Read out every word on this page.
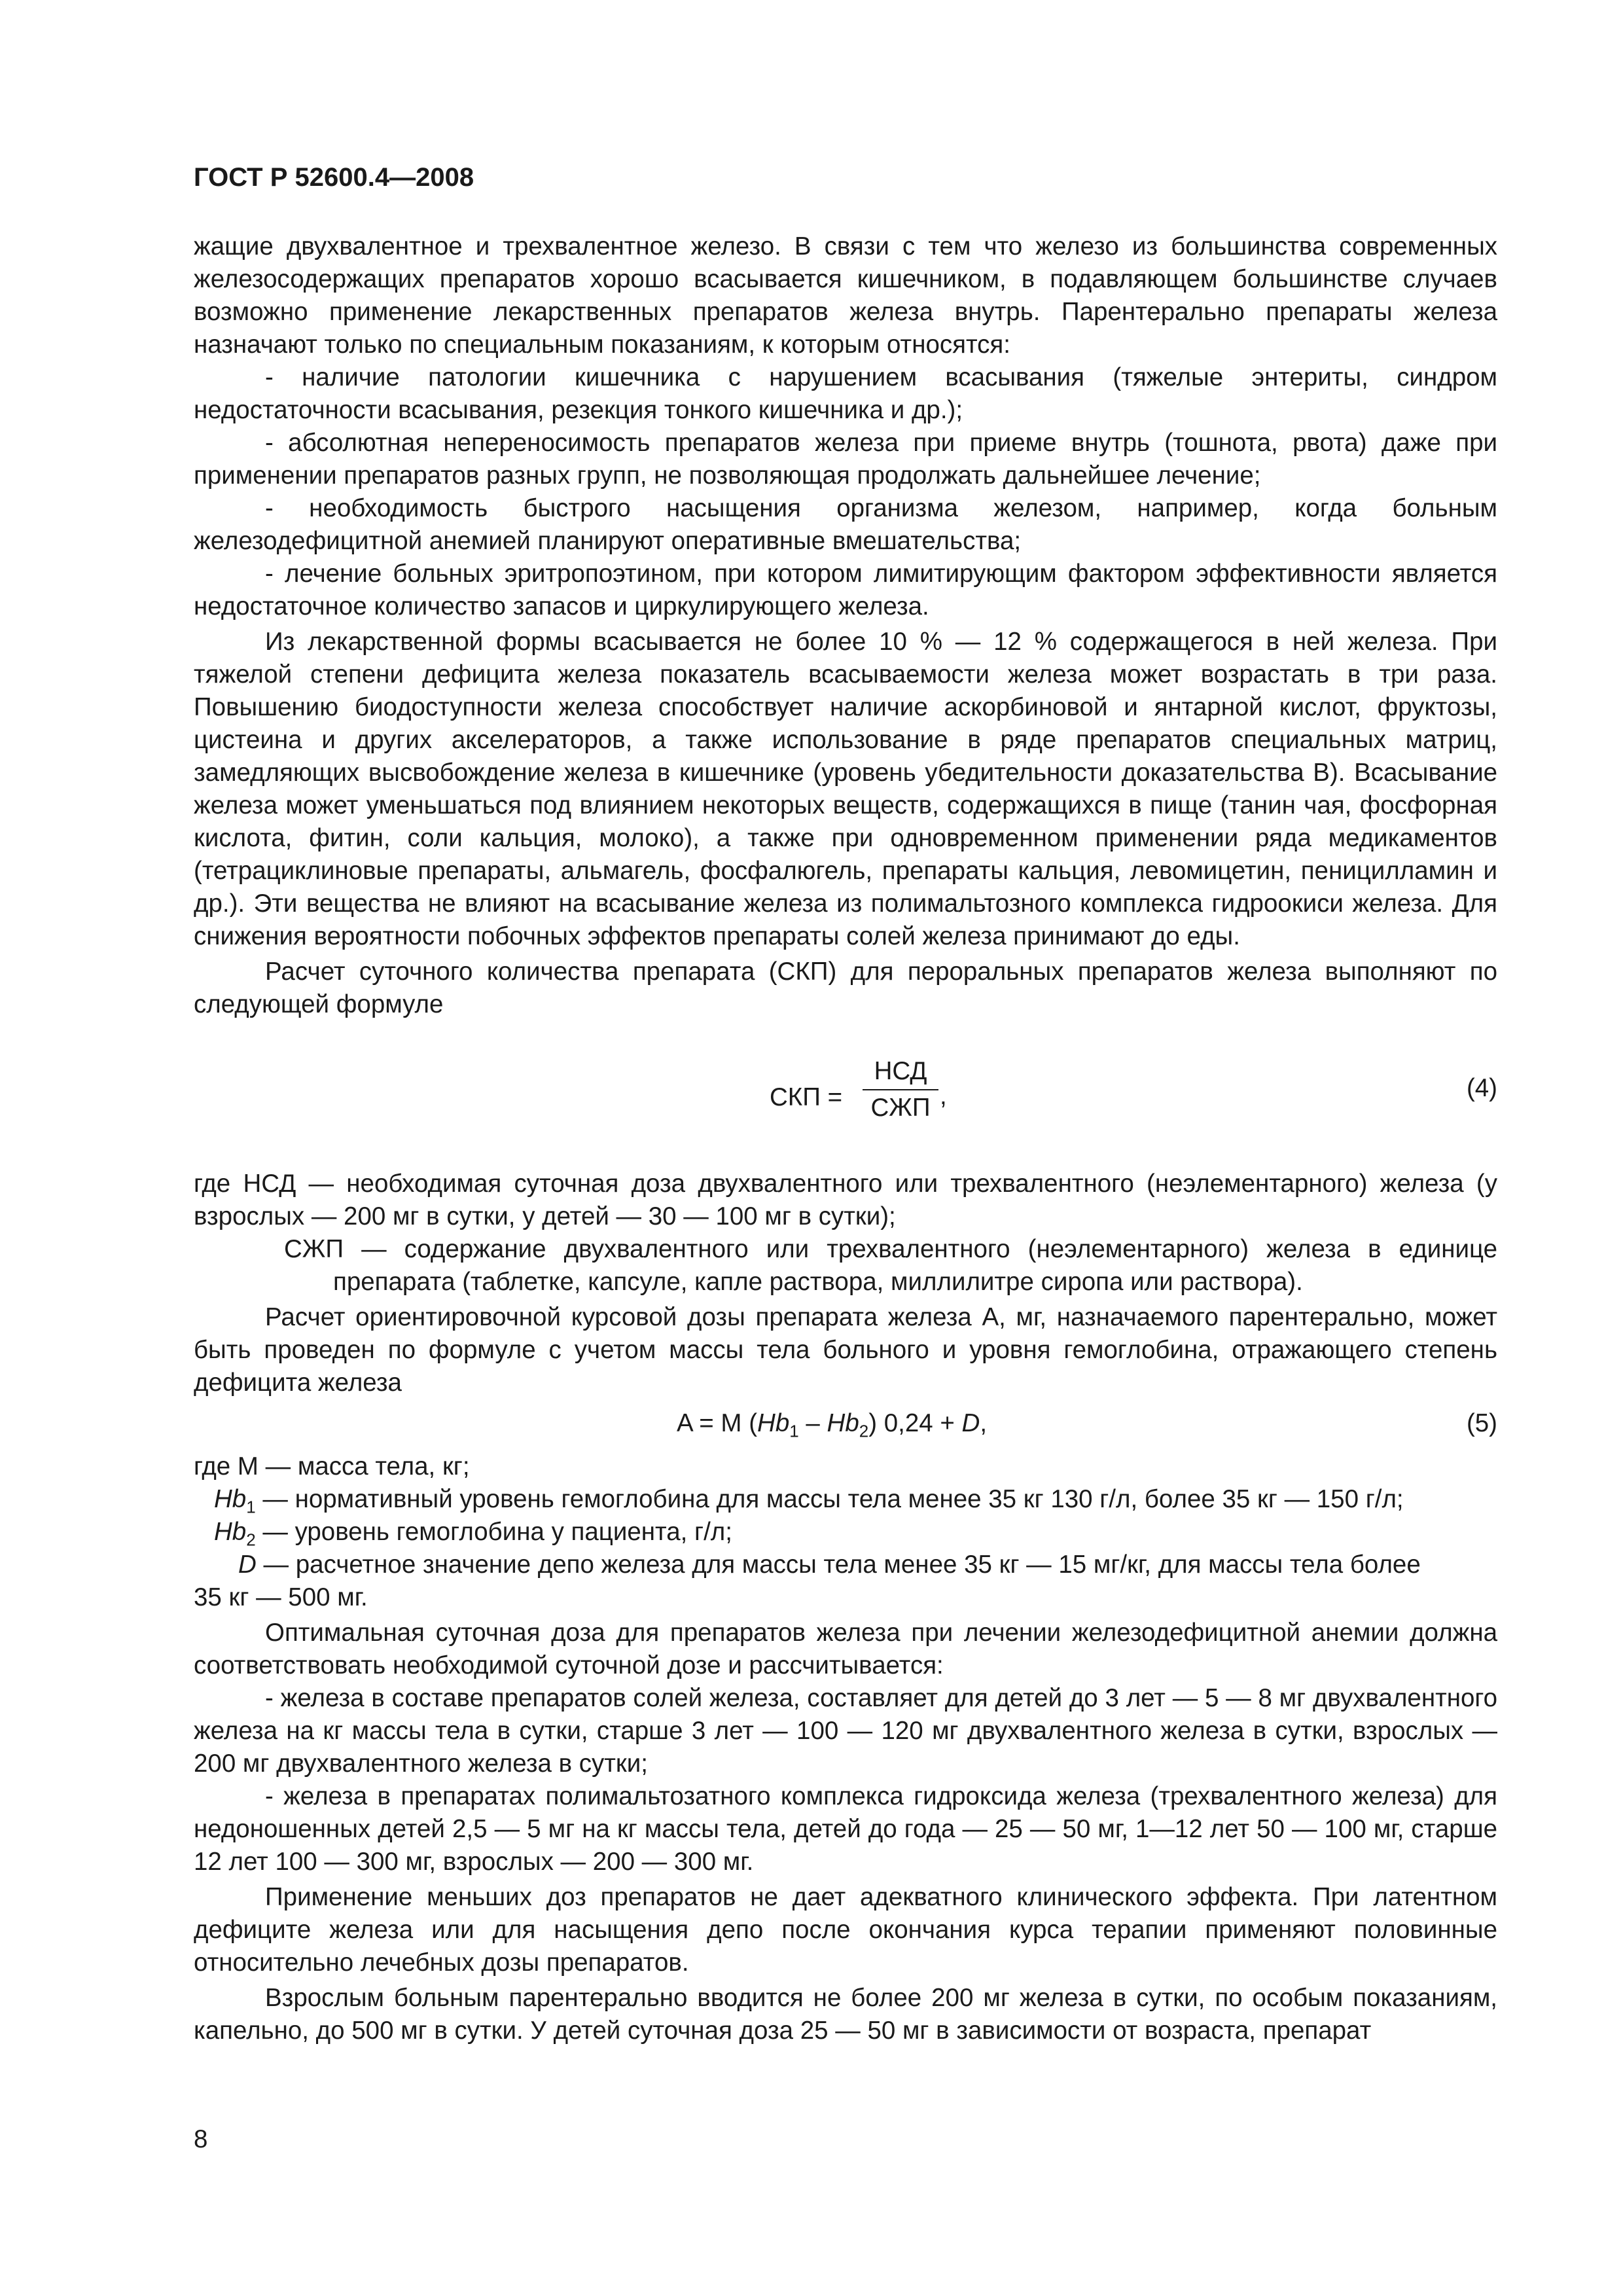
ГОСТ Р 52600.4—2008

жащие двухвалентное и трехвалентное железо. В связи с тем что железо из большинства современных железосодержащих препаратов хорошо всасывается кишечником, в подавляющем большинстве случаев возможно применение лекарственных препаратов железа внутрь. Парентерально препараты железа назначают только по специальным показаниям, к которым относятся:

- наличие патологии кишечника с нарушением всасывания (тяжелые энтериты, синдром недостаточности всасывания, резекция тонкого кишечника и др.);

- абсолютная непереносимость препаратов железа при приеме внутрь (тошнота, рвота) даже при применении препаратов разных групп, не позволяющая продолжать дальнейшее лечение;

- необходимость быстрого насыщения организма железом, например, когда больным железодефицитной анемией планируют оперативные вмешательства;

- лечение больных эритропоэтином, при котором лимитирующим фактором эффективности является недостаточное количество запасов и циркулирующего железа.

Из лекарственной формы всасывается не более 10 % — 12 % содержащегося в ней железа. При тяжелой степени дефицита железа показатель всасываемости железа может возрастать в три раза. Повышению биодоступности железа способствует наличие аскорбиновой и янтарной кислот, фруктозы, цистеина и других акселераторов, а также использование в ряде препаратов специальных матриц, замедляющих высвобождение железа в кишечнике (уровень убедительности доказательства В). Всасывание железа может уменьшаться под влиянием некоторых веществ, содержащихся в пище (танин чая, фосфорная кислота, фитин, соли кальция, молоко), а также при одновременном применении ряда медикаментов (тетрациклиновые препараты, альмагель, фосфалюгель, препараты кальция, левомицетин, пеницилламин и др.). Эти вещества не влияют на всасывание железа из полимальтозного комплекса гидроокиси железа. Для снижения вероятности побочных эффектов препараты солей железа принимают до еды.

Расчет суточного количества препарата (СКП) для пероральных препаратов железа выполняют по следующей формуле

СКП =
НСД
СЖП ,	(4)

где НСД — необходимая суточная доза двухвалентного или трехвалентного (неэлементарного) железа (у взрослых — 200 мг в сутки, у детей — 30 — 100 мг в сутки);

СЖП — содержание двухвалентного или трехвалентного (неэлементарного) железа в единице препарата (таблетке, капсуле, капле раствора, миллилитре сиропа или раствора).

Расчет ориентировочной курсовой дозы препарата железа А, мг, назначаемого парентерально, может быть проведен по формуле с учетом массы тела больного и уровня гемоглобина, отражающего степень дефицита железа

A = M $(Hb_1 - Hb_2) 0,24 + D$,	(5)

где М — масса тела, кг;

$Hb_1$ — нормативный уровень гемоглобина для массы тела менее 35 кг 130 г/л, более 35 кг — 150 г/л;

$Hb_2$ — уровень гемоглобина у пациента, г/л;

D — расчетное значение депо железа для массы тела менее 35 кг — 15 мг/кг, для массы тела более

35 кг — 500 мг.

Оптимальная суточная доза для препаратов железа при лечении железодефицитной анемии должна соответствовать необходимой суточной дозе и рассчитывается:

- железа в составе препаратов солей железа, составляет для детей до 3 лет — 5 — 8 мг двухвалентного железа на кг массы тела в сутки, старше 3 лет — 100 — 120 мг двухвалентного железа в сутки, взрослых — 200 мг двухвалентного железа в сутки;

- железа в препаратах полимальтозатного комплекса гидроксида железа (трехвалентного железа) для недоношенных детей 2,5 — 5 мг на кг массы тела, детей до года — 25 — 50 мг, 1—12 лет 50 — 100 мг, старше 12 лет 100 — 300 мг, взрослых — 200 — 300 мг.

Применение меньших доз препаратов не дает адекватного клинического эффекта. При латентном дефиците железа или для насыщения депо после окончания курса терапии применяют половинные относительно лечебных дозы препаратов.

Взрослым больным парентерально вводится не более 200 мг железа в сутки, по особым показаниям, капельно, до 500 мг в сутки. У детей суточная доза 25 — 50 мг в зависимости от возраста, препарат

8
